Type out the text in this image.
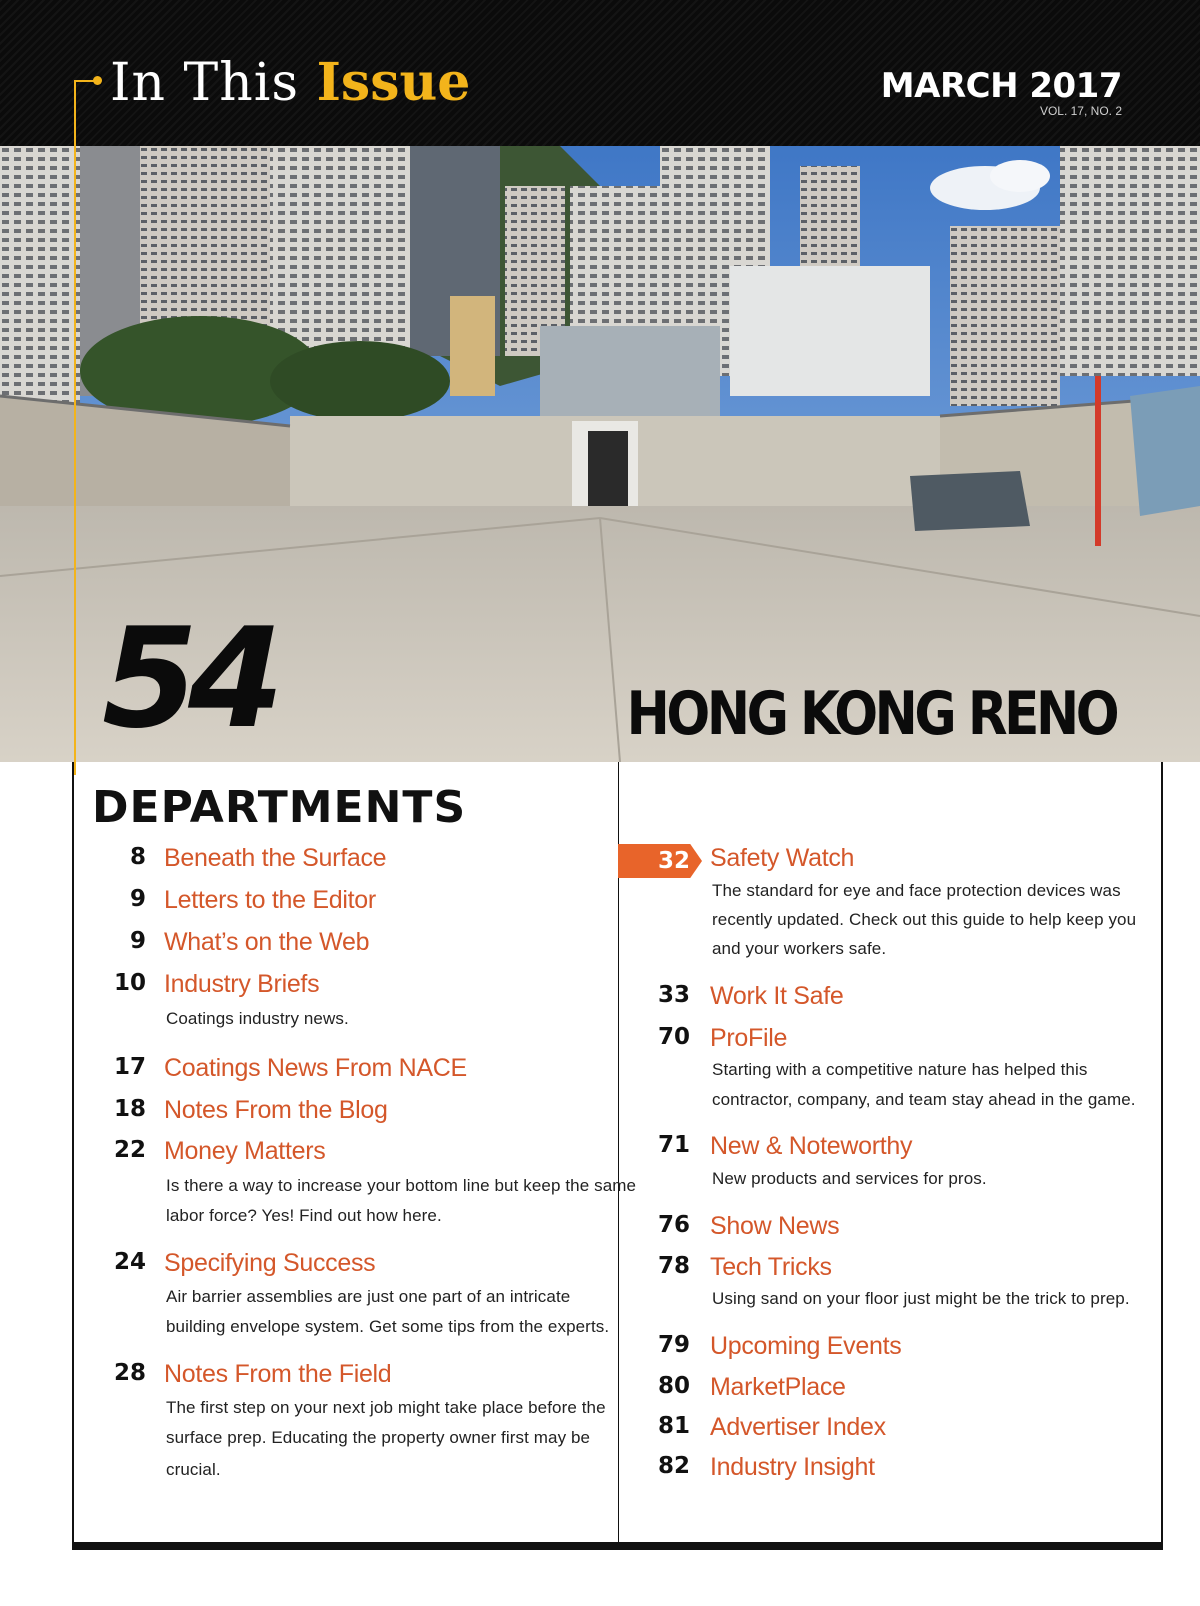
In This Issue	MARCH 2017
VOL. 17, NO. 2
54	HONG KONG RENO
DEPARTMENTS
8 Beneath the Surface
9 Letters to the Editor
9 What’s on the Web
10 Industry Briefs
Coatings industry news.
17 Coatings News From NACE
18 Notes From the Blog
22 Money Matters
Is there a way to increase your bottom line but keep the same
labor force? Yes! Find out how here.
24 Specifying Success
Air barrier assemblies are just one part of an intricate
building envelope system. Get some tips from the experts.
28 Notes From the Field
The first step on your next job might take place before the
surface prep. Educating the property owner first may be
crucial.
32 Safety Watch
The standard for eye and face protection devices was
recently updated. Check out this guide to help keep you
and your workers safe.
33 Work It Safe
70 ProFile
Starting with a competitive nature has helped this
contractor, company, and team stay ahead in the game.
71 New & Noteworthy
New products and services for pros.
76 Show News
78 Tech Tricks
Using sand on your floor just might be the trick to prep.
79 Upcoming Events
80 MarketPlace
81 Advertiser Index
82 Industry Insight
